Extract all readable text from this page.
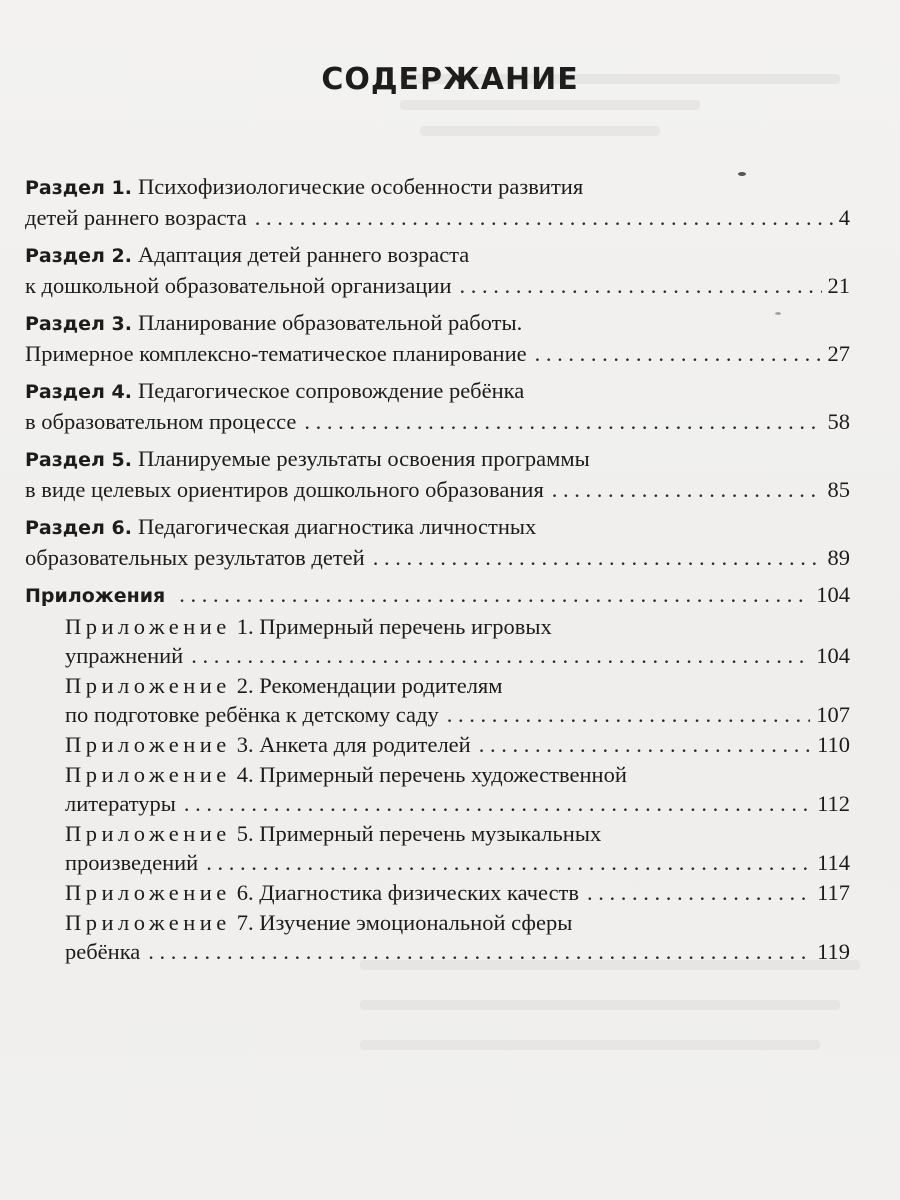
СОДЕРЖАНИЕ
Раздел 1. Психофизиологические особенности развития
детей раннего возраста . . .	4
Раздел 2. Адаптация детей раннего возраста
к дошкольной образовательной организации . . .	21
Раздел 3. Планирование образовательной работы.
Примерное комплексно-тематическое планирование . . .	27
Раздел 4. Педагогическое сопровождение ребёнка
в образовательном процессе . . .	58
Раздел 5. Планируемые результаты освоения программы
в виде целевых ориентиров дошкольного образования . . .	85
Раздел 6. Педагогическая диагностика личностных
образовательных результатов детей . . .	89
Приложения . . .	104
Приложение 1. Примерный перечень игровых
упражнений . . .	104
Приложение 2. Рекомендации родителям
по подготовке ребёнка к детскому саду . . .	107
Приложение 3. Анкета для родителей . . .	110
Приложение 4. Примерный перечень художественной
литературы . . .	112
Приложение 5. Примерный перечень музыкальных
произведений . . .	114
Приложение 6. Диагностика физических качеств . . .	117
Приложение 7. Изучение эмоциональной сферы
ребёнка . . .	119
